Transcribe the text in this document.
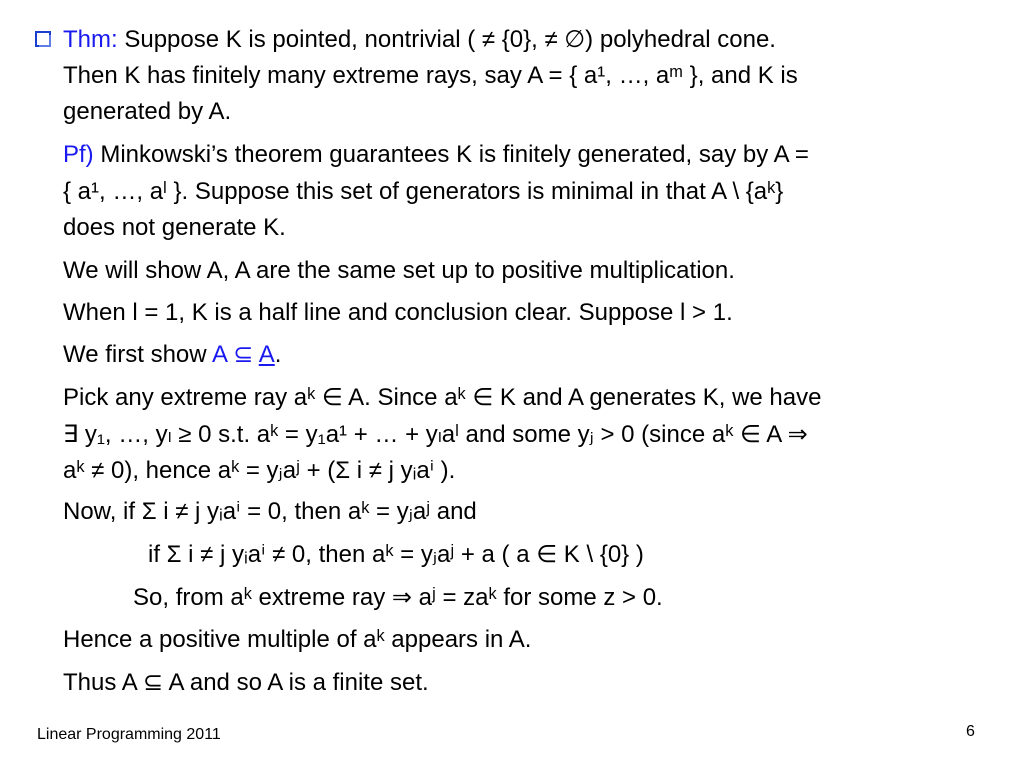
Thm: Suppose K is pointed, nontrivial ( ≠ {0}, ≠ ∅) polyhedral cone.
Then K has finitely many extreme rays, say A = { a¹, …, aᵐ }, and K is
generated by A.
Pf) Minkowski’s theorem guarantees K is finitely generated, say by A =
{ a¹, …, aˡ }. Suppose this set of generators is minimal in that A \ {aᵏ}
does not generate K.
We will show A, A are the same set up to positive multiplication.
When l = 1, K is a half line and conclusion clear. Suppose l > 1.
We first show A ⊆ A.
Pick any extreme ray aᵏ ∈ A. Since aᵏ ∈ K and A generates K, we have
∃ y₁, …, yₗ ≥ 0 s.t. aᵏ = y₁a¹ + … + yₗaˡ and some yⱼ > 0 (since aᵏ ∈ A ⇒
aᵏ ≠ 0), hence aᵏ = yⱼaʲ + (Σ i ≠ j yᵢaⁱ ).
Now, if Σ i ≠ j yᵢaⁱ = 0, then aᵏ = yⱼaʲ and
if Σ i ≠ j yᵢaⁱ ≠ 0, then aᵏ = yⱼaʲ + a ( a ∈ K \ {0} )
So, from aᵏ extreme ray ⇒ aʲ = zaᵏ for some z > 0.
Hence a positive multiple of aᵏ appears in A.
Thus A ⊆ A and so A is a finite set.
Linear Programming 2011	6
